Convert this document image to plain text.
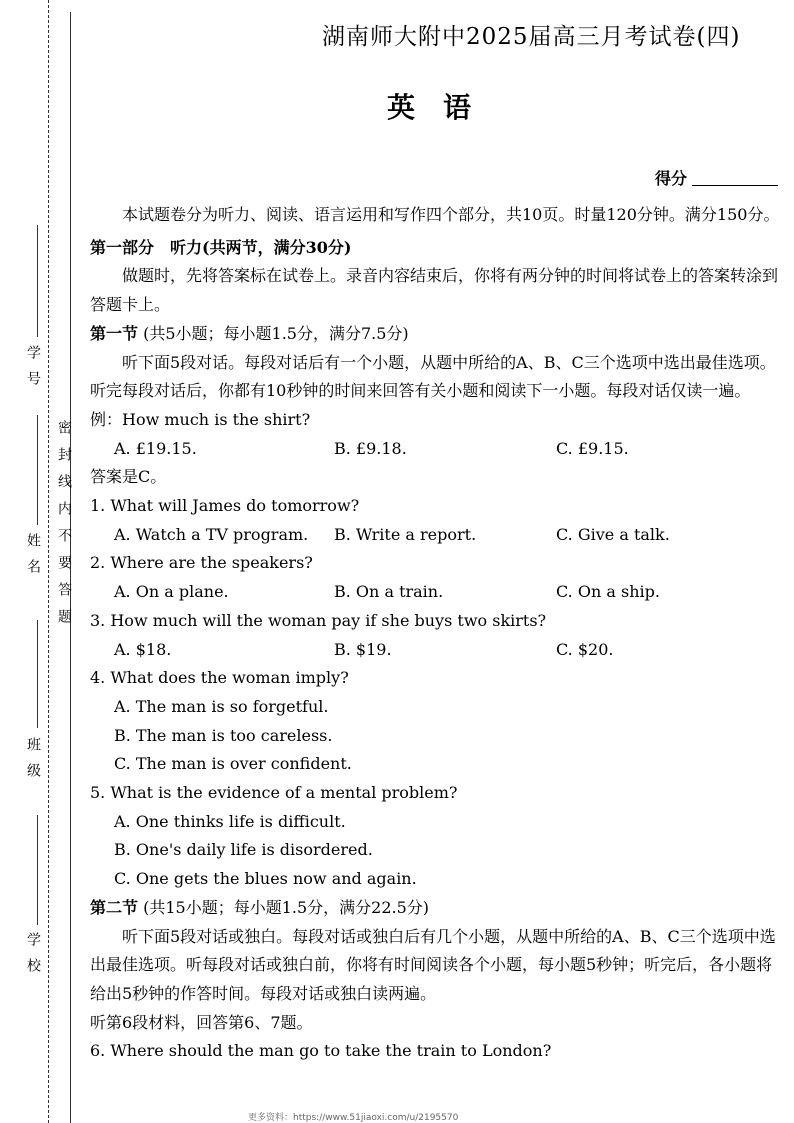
学号
姓名
班级
学校
密封线内不要答题
湖南师大附中2025届高三月考试卷(四)
英语
得分

本试题卷分为听力、阅读、语言运用和写作四个部分，共10页。时量120分钟。满分150分。

第一部分　听力(共两节，满分30分)

做题时，先将答案标在试卷上。录音内容结束后，你将有两分钟的时间将试卷上的答案转涂到答题卡上。

第一节 (共5小题；每小题1.5分，满分7.5分)

听下面5段对话。每段对话后有一个小题，从题中所给的A、B、C三个选项中选出最佳选项。听完每段对话后，你都有10秒钟的时间来回答有关小题和阅读下一小题。每段对话仅读一遍。

例：How much is the shirt?

A. £19.15.	B. £9.18.	C. £9.15.

答案是C。

1. What will James do tomorrow?

A. Watch a TV program.	B. Write a report.	C. Give a talk.

2. Where are the speakers?

A. On a plane.	B. On a train.	C. On a ship.

3. How much will the woman pay if she buys two skirts?

A. $18.	B. $19.	C. $20.

4. What does the woman imply?

A. The man is so forgetful.

B. The man is too careless.

C. The man is over confident.

5. What is the evidence of a mental problem?

A. One thinks life is difficult.

B. One's daily life is disordered.

C. One gets the blues now and again.

第二节 (共15小题；每小题1.5分，满分22.5分)

听下面5段对话或独白。每段对话或独白后有几个小题，从题中所给的A、B、C三个选项中选出最佳选项。听每段对话或独白前，你将有时间阅读各个小题，每小题5秒钟；听完后，各小题将给出5秒钟的作答时间。每段对话或独白读两遍。

听第6段材料，回答第6、7题。

6. Where should the man go to take the train to London?

更多资料：https://www.51jiaoxi.com/u/2195570
